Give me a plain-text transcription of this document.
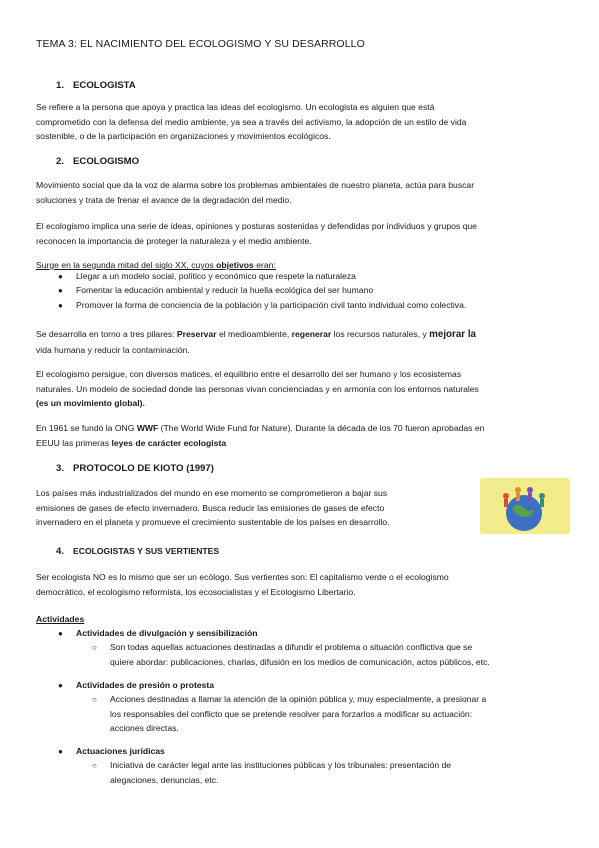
TEMA 3: EL NACIMIENTO DEL ECOLOGISMO Y SU DESARROLLO
1. ECOLOGISTA
Se refiere a la persona que apoya y practica las ideas del ecologismo. Un ecologista es alguien que está
comprometido con la defensa del medio ambiente, ya sea a través del activismo, la adopción de un estilo de vida
sostenible, o de la participación en organizaciones y movimientos ecológicos.
2. ECOLOGISMO
Movimiento social que da la voz de alarma sobre los problemas ambientales de nuestro planeta, actúa para buscar
soluciones y trata de frenar el avance de la degradación del medio.
El ecologismo implica una serie de ideas, opiniones y posturas sostenidas y defendidas por individuos y grupos que
reconocen la importancia de proteger la naturaleza y el medio ambiente.
Surge en la segunda mitad del siglo XX, cuyos objetivos eran:
● Llegar a un modelo social, político y económico que respete la naturaleza
● Fomentar la educación ambiental y reducir la huella ecológica del ser humano
● Promover la forma de conciencia de la población y la participación civil tanto individual como colectiva.
Se desarrolla en torno a tres pilares: Preservar el medioambiente, regenerar los recursos naturales, y mejorar la
vida humana y reducir la contaminación.
El ecologismo persigue, con diversos matices, el equilibrio entre el desarrollo del ser humano y los ecosistemas
naturales. Un modelo de sociedad donde las personas vivan concienciadas y en armonía con los entornos naturales
(es un movimiento global).
En 1961 se fundó la ONG WWF (The World Wide Fund for Nature). Durante la década de los 70 fueron aprobadas en
EEUU las primeras leyes de carácter ecologista
3. PROTOCOLO DE KIOTO (1997)
Los países más industrializados del mundo en ese momento se comprometieron a bajar sus
emisiones de gases de efecto invernadero. Busca reducir las emisiones de gases de efecto
invernadero en el planeta y promueve el crecimiento sustentable de los países en desarrollo.
4. ECOLOGISTAS Y SUS VERTIENTES
Ser ecologista NO es lo mismo que ser un ecólogo. Sus vertientes son: El capitalismo verde o el ecologismo
democrático, el ecologismo reformista, los ecosocialistas y el Ecologismo Libertario.
Actividades
● Actividades de divulgación y sensibilización
○ Son todas aquellas actuaciones destinadas a difundir el problema o situación conflictiva que se
quiere abordar: publicaciones, charlas, difusión en los medios de comunicación, actos públicos, etc.
● Actividades de presión o protesta
○ Acciones destinadas a llamar la atención de la opinión pública y, muy especialmente, a presionar a
los responsables del conflicto que se pretende resolver para forzarlos a modificar su actuación:
acciones directas.
● Actuaciones jurídicas
○ Iniciativa de carácter legal ante las instituciones públicas y los tribunales: presentación de
alegaciones, denuncias, etc.
